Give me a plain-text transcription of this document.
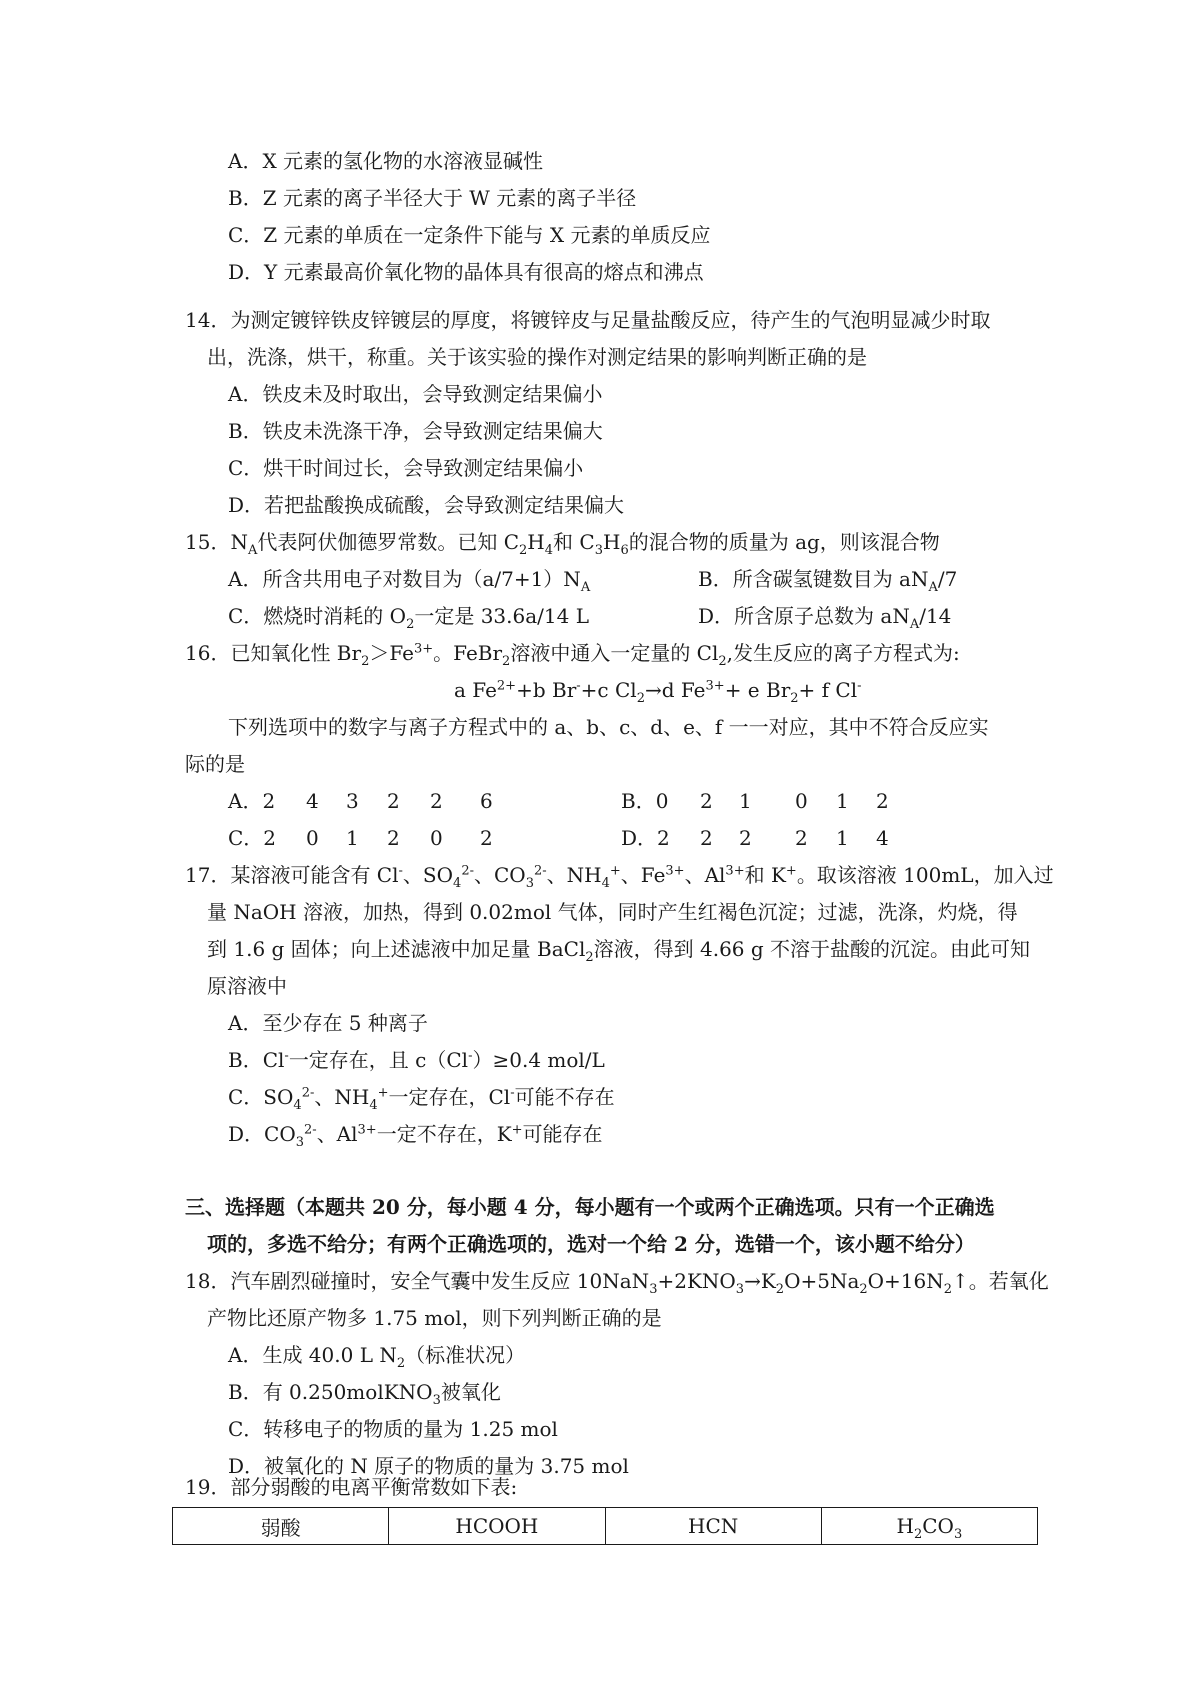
A．X 元素的氢化物的水溶液显碱性
B．Z 元素的离子半径大于 W 元素的离子半径
C．Z 元素的单质在一定条件下能与 X 元素的单质反应
D．Y 元素最高价氧化物的晶体具有很高的熔点和沸点
14．为测定镀锌铁皮锌镀层的厚度，将镀锌皮与足量盐酸反应，待产生的气泡明显减少时取
出，洗涤，烘干，称重。关于该实验的操作对测定结果的影响判断正确的是
A．铁皮未及时取出，会导致测定结果偏小
B．铁皮未洗涤干净，会导致测定结果偏大
C．烘干时间过长，会导致测定结果偏小
D．若把盐酸换成硫酸，会导致测定结果偏大
15．$N_A$代表阿伏伽德罗常数。已知 $C_2H_4$和 $C_3H_6$的混合物的质量为 ag，则该混合物
A．所含共用电子对数目为$(a/7+1)N_A$	B．所含碳氢键数目为 $aN_A/7$
C．燃烧时消耗的 $O_2$一定是 33.6a/14 L	D．所含原子总数为 $aN_A/14$
16．已知氧化性 $Br_2>Fe^{3+}$。FeBr$_2$溶液中通入一定量的 $Cl_2$,发生反应的离子方程式为:
a $Fe^{2+}+b$ Br-+c $Cl_2\to d$ $Fe^{3+}+ e$ $Br_2+ f$ Cl-
下列选项中的数字与离子方程式中的 a、b、c、d、e、f 一一对应，其中不符合反应实
际的是
A．2 4 3 2 2 6	B．0 2 1 0 1 2
C．2 0 1 2 0 2	D．2 2 2 2 1 4
17．某溶液可能含有 Cl-、$SO_4^{2-}$、$CO_3^{2-}$、$NH_4^+$、$Fe^{3+}$、$Al^{3+}$和 K+。取该溶液 100mL，加入过
量 NaOH 溶液，加热，得到 0.02mol 气体，同时产生红褐色沉淀；过滤，洗涤，灼烧，得
到 1.6 g 固体；向上述滤液中加足量 BaCl$_2$溶液，得到 4.66 g 不溶于盐酸的沉淀。由此可知
原溶液中
A．至少存在 5 种离子
B．Cl-一定存在，且 c（Cl-）≥0.4 mol/L
C．$SO_4^{2-}$、$NH_4^+$一定存在，Cl-可能不存在
D．$CO_3^{2-}$、$Al^{3+}$一定不存在，K+可能存在
三、选择题（本题共 20 分，每小题 4 分，每小题有一个或两个正确选项。只有一个正确选
项的，多选不给分；有两个正确选项的，选对一个给 2 分，选错一个，该小题不给分）
18．汽车剧烈碰撞时，安全气囊中发生反应 $10NaN_3+2KNO_3\to K_2O+5Na_2O+16N_2↑$。若氧化
产物比还原产物多 1.75 mol，则下列判断正确的是
A．生成 40.0 L $N_2$（标准状况）
B．有 0.250molKNO$_3$被氧化
C．转移电子的物质的量为 1.25 mol
D．被氧化的 N 原子的物质的量为 3.75 mol
19．部分弱酸的电离平衡常数如下表:
弱酸	HCOOH	HCN	$H_2CO_3$
